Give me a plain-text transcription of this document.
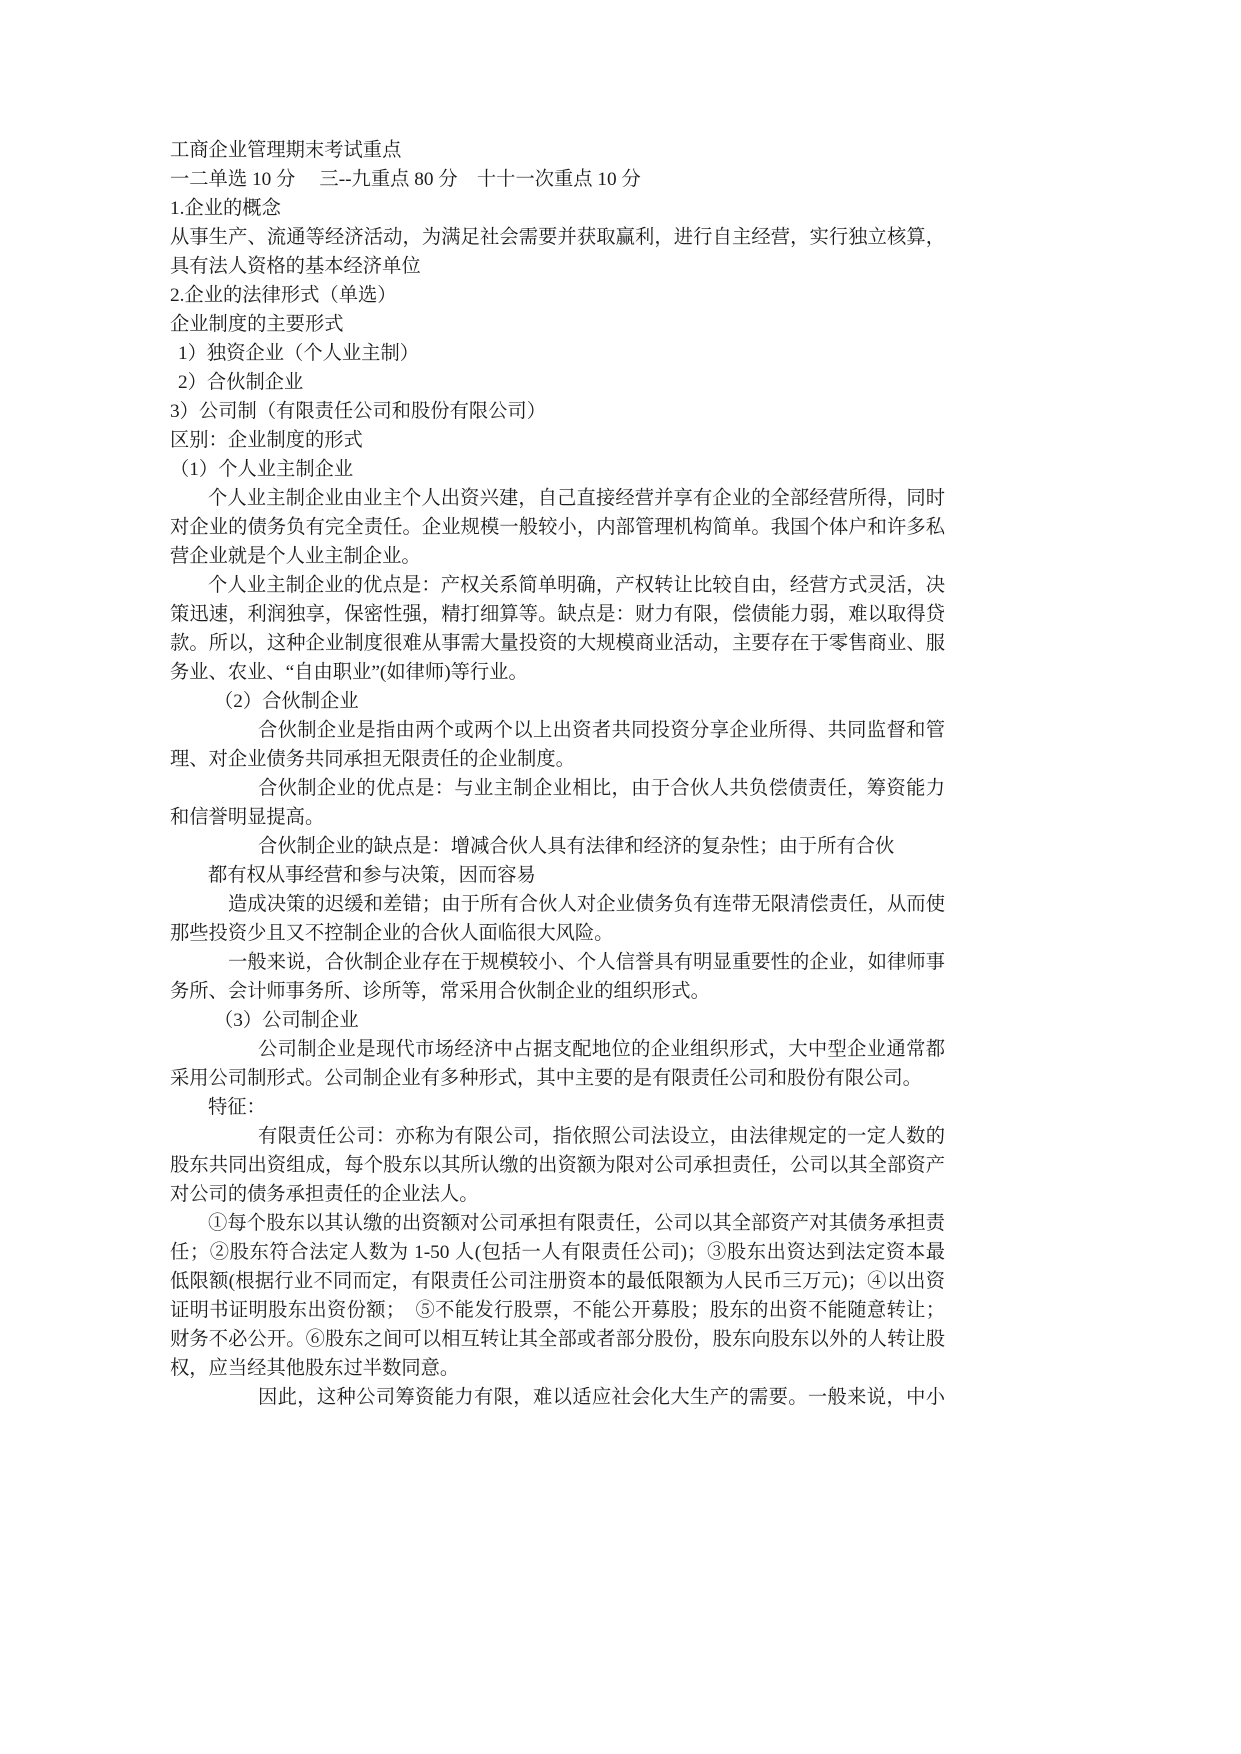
工商企业管理期末考试重点
一二单选 10 分　 三--九重点 80 分　十十一次重点 10 分
1.企业的概念
从事生产、流通等经济活动，为满足社会需要并获取赢利，进行自主经营，实行独立核算，
具有法人资格的基本经济单位
2.企业的法律形式（单选）
企业制度的主要形式
1）独资企业（个人业主制）
2）合伙制企业
3）公司制（有限责任公司和股份有限公司）
区别：企业制度的形式
（1）个人业主制企业
个人业主制企业由业主个人出资兴建，自己直接经营并享有企业的全部经营所得，同时
对企业的债务负有完全责任。企业规模一般较小，内部管理机构简单。我国个体户和许多私
营企业就是个人业主制企业。
个人业主制企业的优点是：产权关系简单明确，产权转让比较自由，经营方式灵活，决
策迅速，利润独享，保密性强，精打细算等。缺点是：财力有限，偿债能力弱，难以取得贷
款。所以，这种企业制度很难从事需大量投资的大规模商业活动，主要存在于零售商业、服
务业、农业、“自由职业”(如律师)等行业。
（2）合伙制企业
合伙制企业是指由两个或两个以上出资者共同投资分享企业所得、共同监督和管
理、对企业债务共同承担无限责任的企业制度。
合伙制企业的优点是：与业主制企业相比，由于合伙人共负偿债责任，筹资能力
和信誉明显提高。
合伙制企业的缺点是：增减合伙人具有法律和经济的复杂性；由于所有合伙
都有权从事经营和参与决策，因而容易
造成决策的迟缓和差错；由于所有合伙人对企业债务负有连带无限清偿责任，从而使
那些投资少且又不控制企业的合伙人面临很大风险。
一般来说，合伙制企业存在于规模较小、个人信誉具有明显重要性的企业，如律师事
务所、会计师事务所、诊所等，常采用合伙制企业的组织形式。
（3）公司制企业
公司制企业是现代市场经济中占据支配地位的企业组织形式，大中型企业通常都
采用公司制形式。公司制企业有多种形式，其中主要的是有限责任公司和股份有限公司。
特征：
有限责任公司：亦称为有限公司，指依照公司法设立，由法律规定的一定人数的
股东共同出资组成，每个股东以其所认缴的出资额为限对公司承担责任，公司以其全部资产
对公司的债务承担责任的企业法人。
①每个股东以其认缴的出资额对公司承担有限责任，公司以其全部资产对其债务承担责
任；②股东符合法定人数为 1-50 人(包括一人有限责任公司)；③股东出资达到法定资本最
低限额(根据行业不同而定，有限责任公司注册资本的最低限额为人民币三万元)；④以出资
证明书证明股东出资份额；　⑤不能发行股票，不能公开募股；股东的出资不能随意转让；
财务不必公开。⑥股东之间可以相互转让其全部或者部分股份，股东向股东以外的人转让股
权，应当经其他股东过半数同意。
因此，这种公司筹资能力有限，难以适应社会化大生产的需要。一般来说，中小
